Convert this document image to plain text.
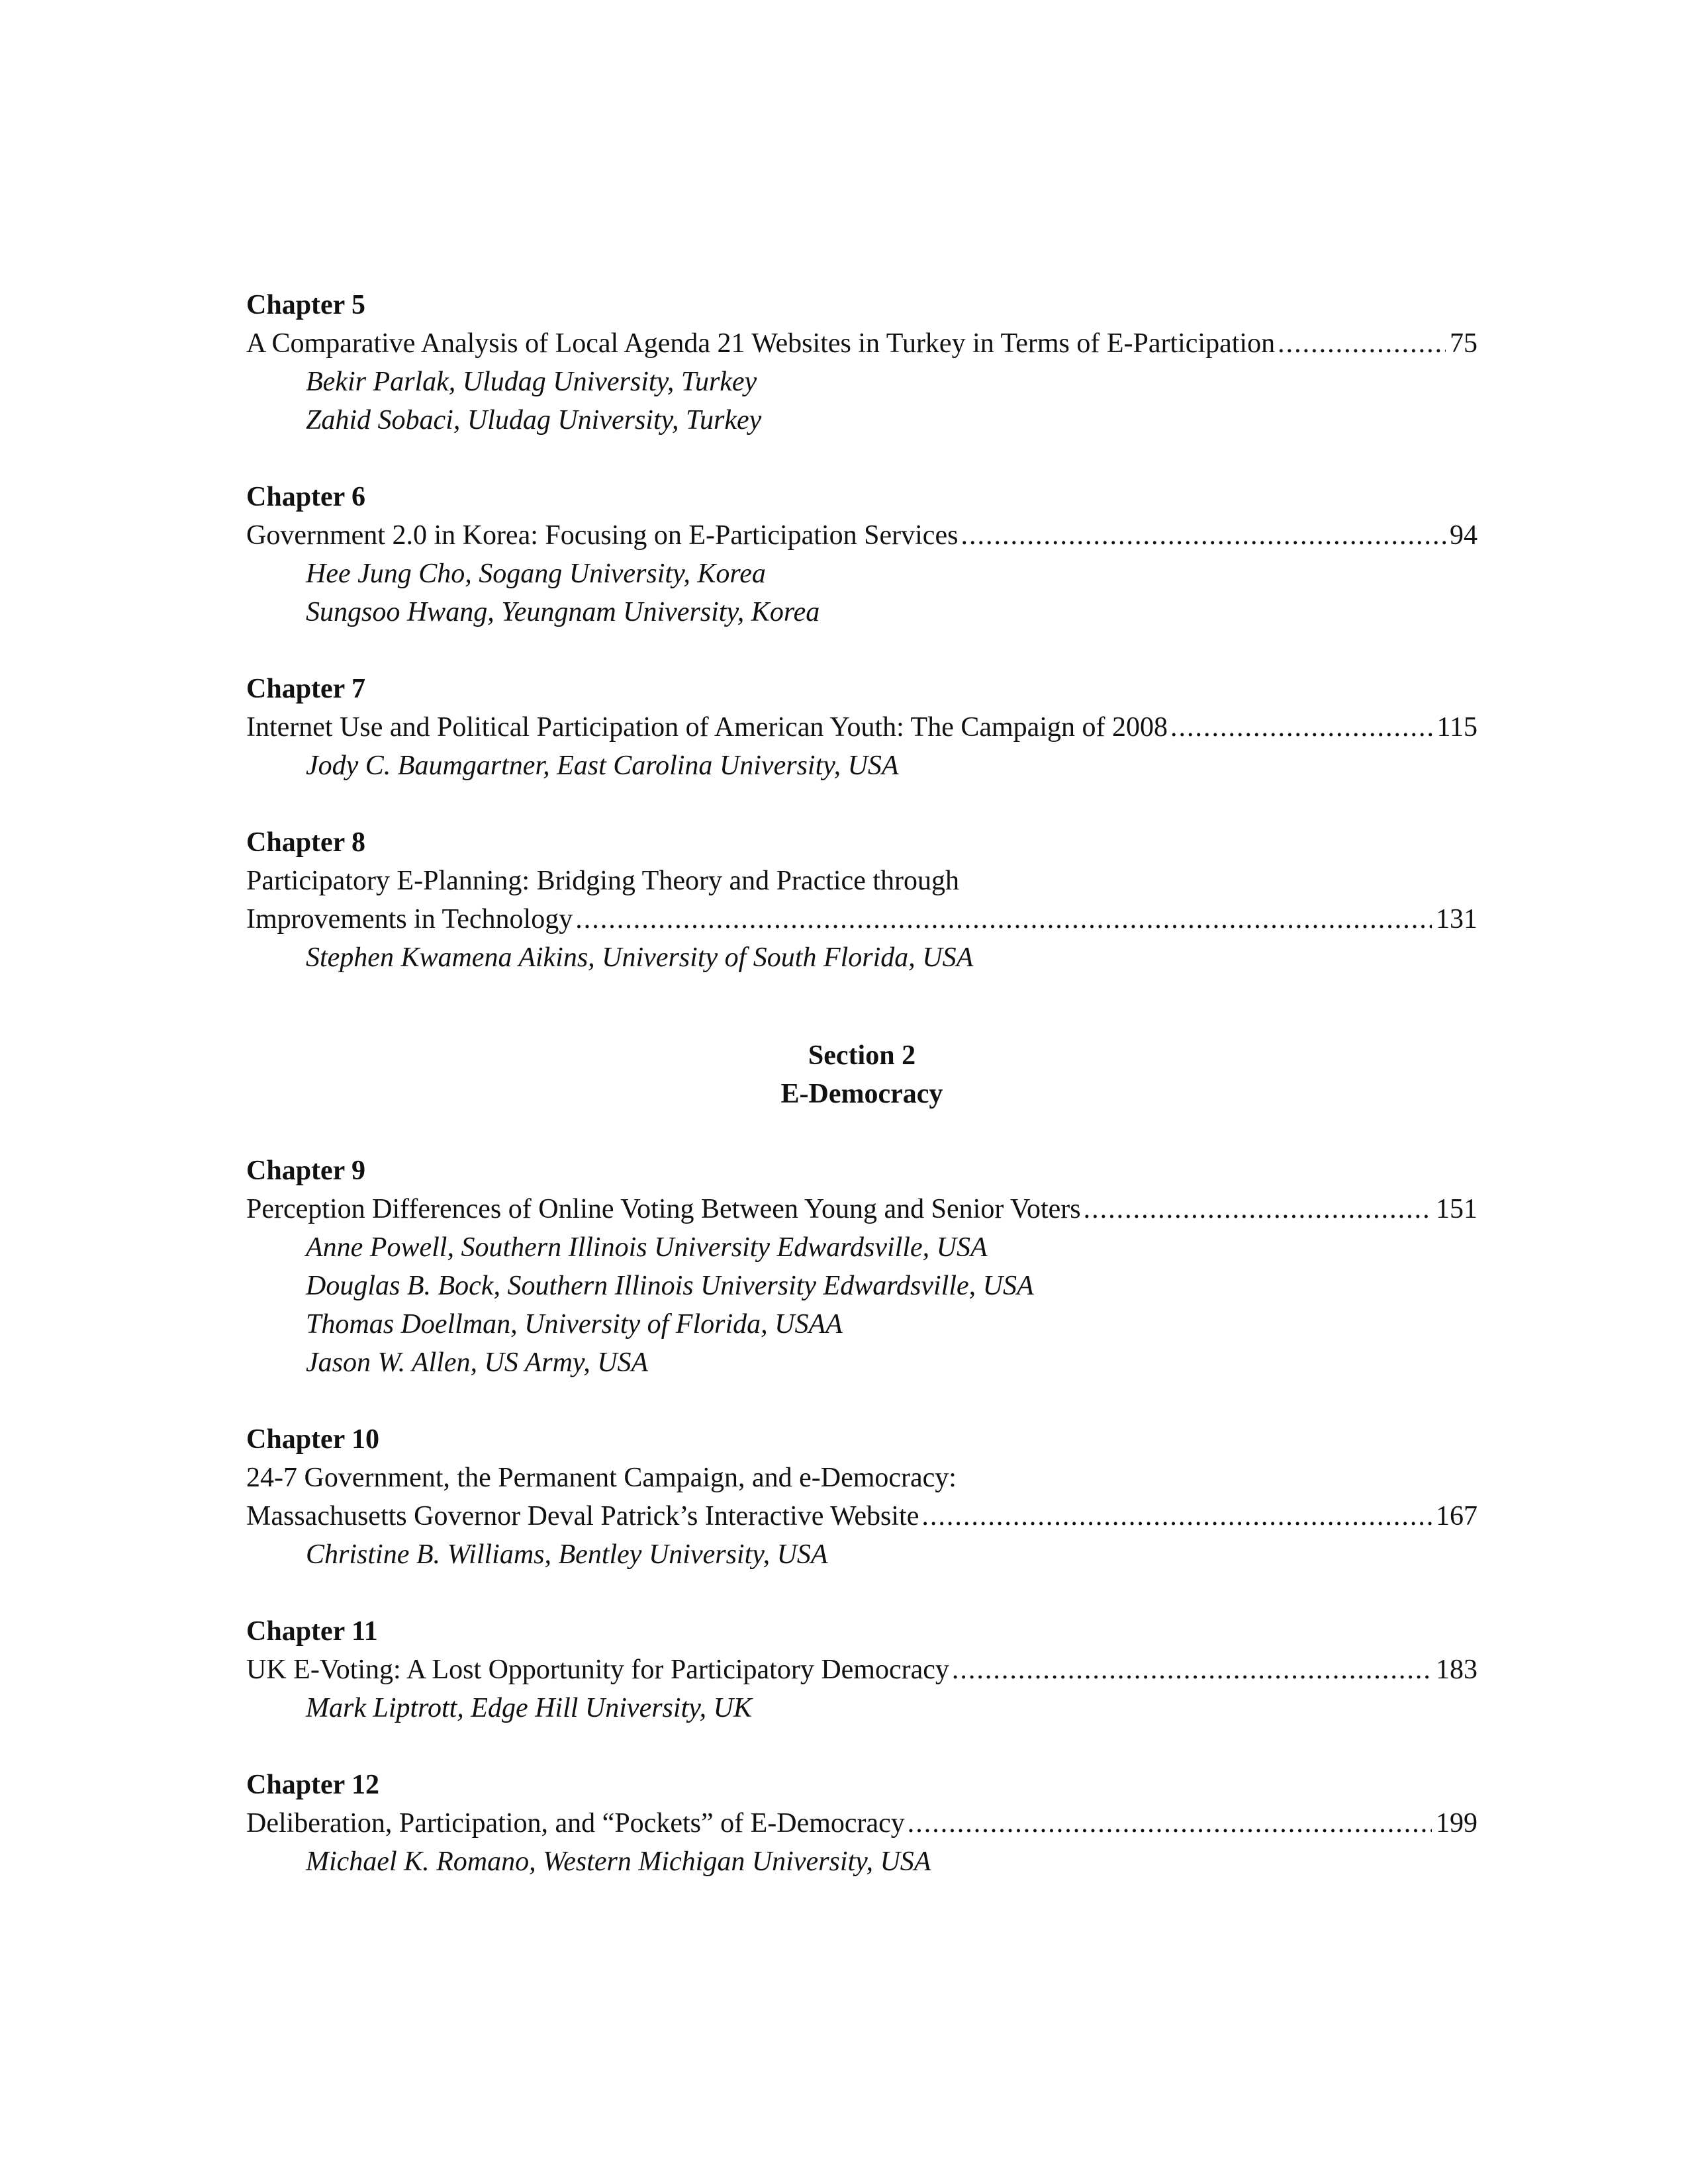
Chapter 5
A Comparative Analysis of Local Agenda 21 Websites in Turkey in Terms of E-Participation .....	75
Bekir Parlak, Uludag University, Turkey
Zahid Sobaci, Uludag University, Turkey
Chapter 6
Government 2.0 in Korea: Focusing on E-Participation Services .....	94
Hee Jung Cho, Sogang University, Korea
Sungsoo Hwang, Yeungnam University, Korea
Chapter 7
Internet Use and Political Participation of American Youth: The Campaign of 2008 .....	115
Jody C. Baumgartner, East Carolina University, USA
Chapter 8
Participatory E-Planning: Bridging Theory and Practice through
Improvements in Technology .....	131
Stephen Kwamena Aikins, University of South Florida, USA
Section 2
E-Democracy
Chapter 9
Perception Differences of Online Voting Between Young and Senior Voters .....	151
Anne Powell, Southern Illinois University Edwardsville, USA
Douglas B. Bock, Southern Illinois University Edwardsville, USA
Thomas Doellman, University of Florida, USAA
Jason W. Allen, US Army, USA
Chapter 10
24-7 Government, the Permanent Campaign, and e-Democracy:
Massachusetts Governor Deval Patrick’s Interactive Website .....	167
Christine B. Williams, Bentley University, USA
Chapter 11
UK E-Voting: A Lost Opportunity for Participatory Democracy .....	183
Mark Liptrott, Edge Hill University, UK
Chapter 12
Deliberation, Participation, and “Pockets” of E-Democracy .....	199
Michael K. Romano, Western Michigan University, USA
